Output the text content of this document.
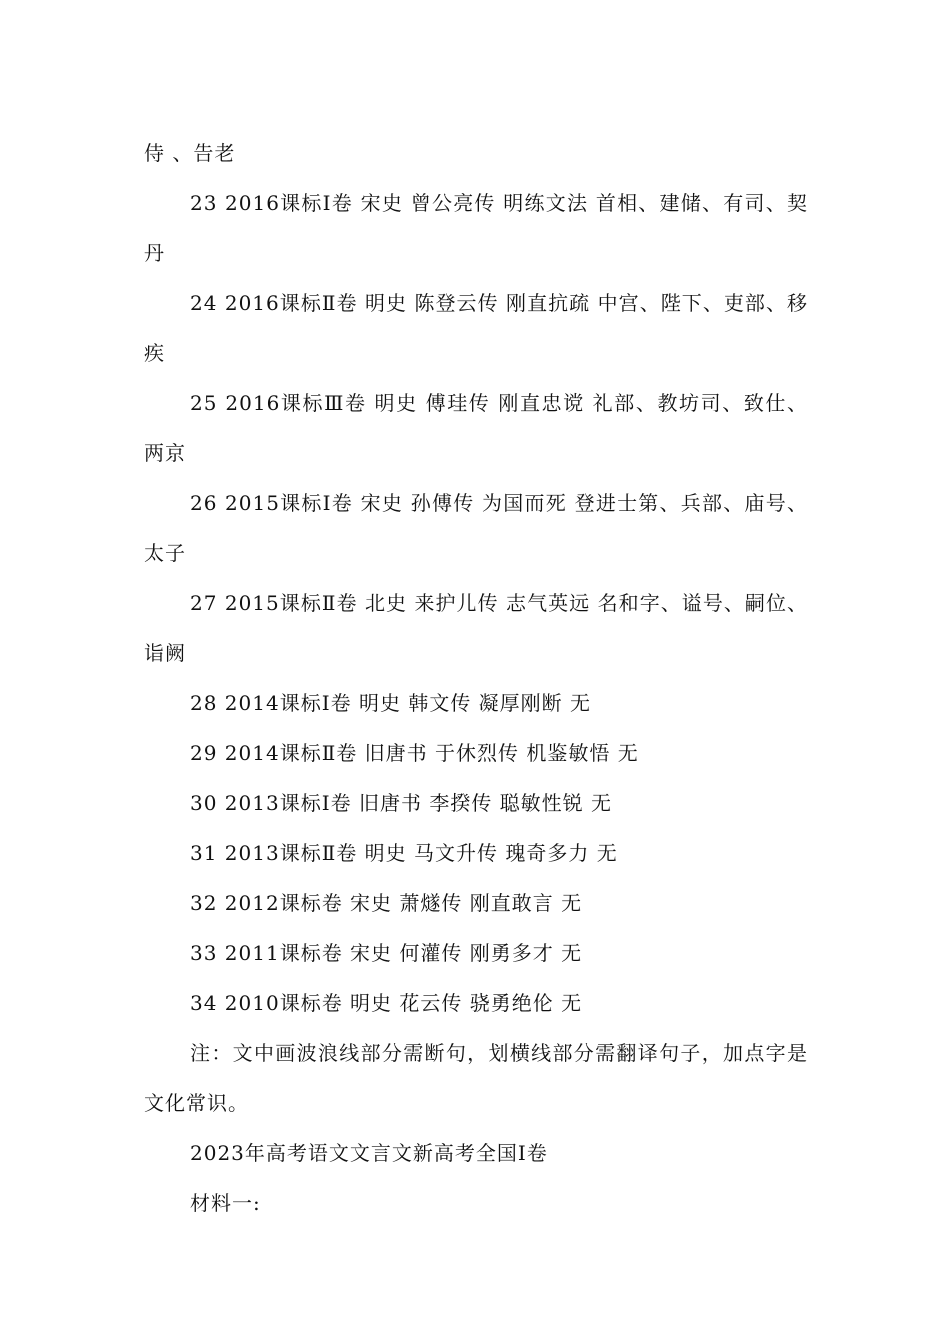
侍 、告老

23 2016课标Ⅰ卷 宋史 曾公亮传 明练文法 首相、建储、有司、契丹

24 2016课标Ⅱ卷 明史 陈登云传 刚直抗疏 中宫、陛下、吏部、移疾

25 2016课标Ⅲ卷 明史 傅珪传 刚直忠谠 礼部、教坊司、致仕、两京

26 2015课标Ⅰ卷 宋史 孙傅传 为国而死 登进士第、兵部、庙号、太子

27 2015课标Ⅱ卷 北史 来护儿传 志气英远 名和字、谥号、嗣位、诣阙

28 2014课标Ⅰ卷 明史 韩文传 凝厚刚断 无

29 2014课标Ⅱ卷 旧唐书 于休烈传 机鉴敏悟 无

30 2013课标Ⅰ卷 旧唐书 李揆传 聪敏性锐 无

31 2013课标Ⅱ卷 明史 马文升传 瑰奇多力 无

32 2012课标卷 宋史 萧燧传 刚直敢言 无

33 2011课标卷 宋史 何灌传 刚勇多才 无

34 2010课标卷 明史 花云传 骁勇绝伦 无

注：文中画波浪线部分需断句，划横线部分需翻译句子，加点字是文化常识。

2023年高考语文文言文新高考全国Ⅰ卷

材料一:
